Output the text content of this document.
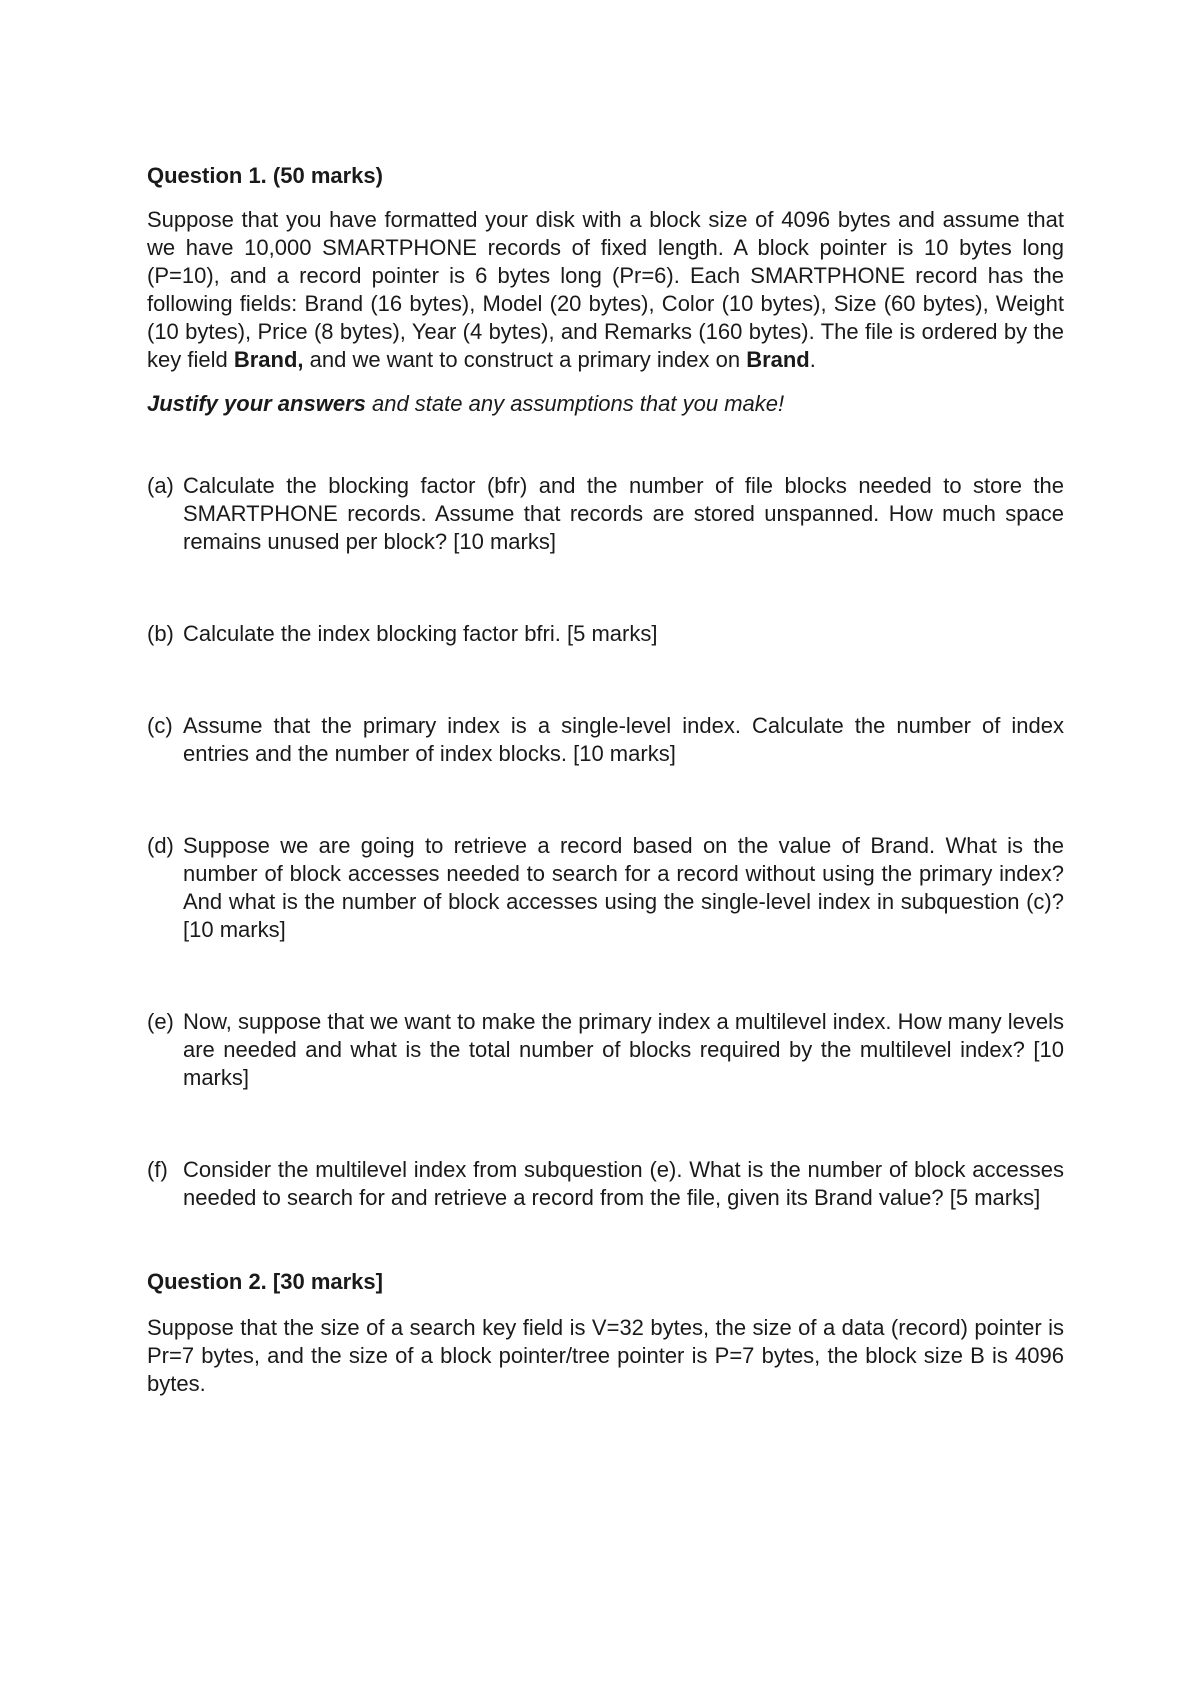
Question 1. (50 marks)

Suppose that you have formatted your disk with a block size of 4096 bytes and assume that we have 10,000 SMARTPHONE records of fixed length. A block pointer is 10 bytes long (P=10), and a record pointer is 6 bytes long (Pr=6). Each SMARTPHONE record has the following fields: Brand (16 bytes), Model (20 bytes), Color (10 bytes), Size (60 bytes), Weight (10 bytes), Price (8 bytes), Year (4 bytes), and Remarks (160 bytes). The file is ordered by the key field Brand, and we want to construct a primary index on Brand.

Justify your answers and state any assumptions that you make!

(a) Calculate the blocking factor (bfr) and the number of file blocks needed to store the SMARTPHONE records. Assume that records are stored unspanned. How much space remains unused per block? [10 marks]
(b) Calculate the index blocking factor bfri. [5 marks]
(c) Assume that the primary index is a single-level index. Calculate the number of index entries and the number of index blocks. [10 marks]
(d) Suppose we are going to retrieve a record based on the value of Brand. What is the number of block accesses needed to search for a record without using the primary index? And what is the number of block accesses using the single-level index in subquestion (c)? [10 marks]
(e) Now, suppose that we want to make the primary index a multilevel index. How many levels are needed and what is the total number of blocks required by the multilevel index? [10 marks]
(f) Consider the multilevel index from subquestion (e). What is the number of block accesses needed to search for and retrieve a record from the file, given its Brand value? [5 marks]

Question 2. [30 marks]

Suppose that the size of a search key field is V=32 bytes, the size of a data (record) pointer is Pr=7 bytes, and the size of a block pointer/tree pointer is P=7 bytes, the block size B is 4096 bytes.
